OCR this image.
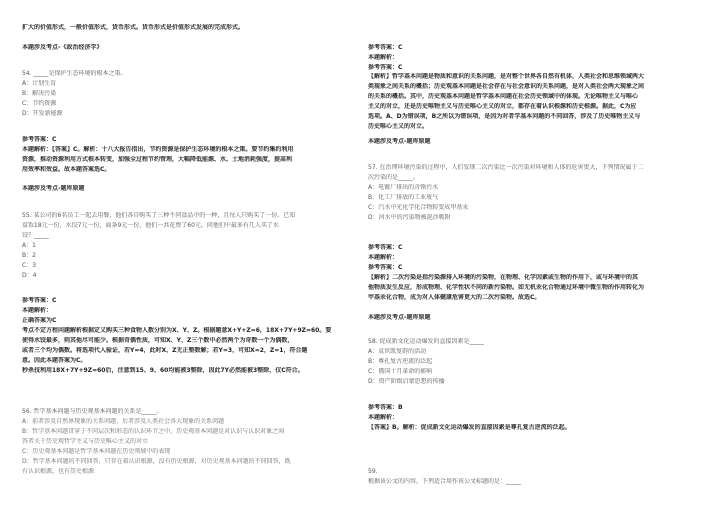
扩大的价值形式，一般价值形式，货币形式。货币形式是价值形式发展的完成形式。
本题涉及考点-《政治经济学》
54. _____是保护生态环境的根本之策。
A：计划生育
B：解决污染
C：节约资源
D：开发新能源
参考答案：C
本题解析：【答案】C。解析：十八大报告指出，节约资源是保护生态环境的根本之策。要节约集约利用
资源，推动资源利用方式根本转变，加强全过程节约管理，大幅降低能源、水、土地消耗强度，提高利
用效率和效益。故本题答案选C。
本题涉及考点-题库原题
55. 某公司的6名员工一起去用餐，他们各自购买了三种不同食品中的一种，且每人只购买了一份。已知
盒饭18元一份，水饺7元一份，面条9元一份，他们一共花费了60元。问他们中最多有几人买了水
饺？_____
A：1
B：2
C：3
D：4
参考答案：C
本题解析：
正确答案为C
考点不定方程问题解析根据定义购买三种食物人数分别为X、Y、Z。根据题意X+Y+Z=6，18X+7Y+9Z=60。要
使得水饺最多，则其他尽可能少。根据奇偶性质，可知X、Y、Z三个数中必然两个为奇数一个为偶数，
或者三个均为偶数。将选项代入验证，若Y=4，此时X、Z无正整数解；若Y=3，可知X=2，Z=1，符合题
意。因此本题答案为C。
秒杀技利用18X+7Y+9Z=60后，注意到15、9、60均能被3整除，因此7Y必然能被3整除，仅C符合。
56. 哲学基本问题与历史观基本问题的关系是_____。
A：前者涉及自然界现象的关系问题，后者涉及人类社会各大现象的关系问题
B：哲学基本问题贯穿于不同层次和形态的认识环节之中，历史观基本问题是对认识与认识对象之间
答者关于历史观哲学主义与历史唯心主义的对立
C：历史观基本问题是哲学基本问题在历史领域中的表现
D：哲学基本问题的不同回答，只存在着认识根源，没有历史根源，对历史观基本问题的不同回答，既
有认识根源，也有历史根源
参考答案：C
本题解析：
参考答案：C
【解析】哲学基本问题是物质和意识的关系问题，是对整个世界各自然有机体，人类社会和思维领域两大
类现象之间关系的概括；历史观基本问题是社会存在与社会意识的关系问题，是对人类社会两大现象之间
的关系的概括。其中，历史观基本问题是哲学基本问题在社会历史领域中的体现。无论唯物主义与唯心
主义的对立，还是历史唯物主义与历史唯心主义的对立，都存在着认识根源和历史根源。据此，C为应
选项。A、D为错误项，B之所以为错误项，是因为对者学基本问题的不同回答，涉及了历史唯物主义与
历史唯心主义的对立。
本题涉及考点-题库原题
57. 在治理环境污染的过程中，人们发现二次污染比一次污染对环境和人体的危害更大，下列情况属于二
次污染的是_____。
A：电镀厂排出的含铬污水
B：化工厂排放的工业废气
C：汽水中光化学化合物转变成甲基汞
D：河水中的污染物被泥沙吸附
参考答案：C
本题解析：
参考答案：C
【解析】二次污染是指污染源排入环境的污染物，在物理、化学因素或生物的作用下，或与环境中的其
他物质发生反应，形成物理、化学性状不同的新污染物。如无机汞化合物通过环境中微生物的作用转化为
甲基汞化合物，成为对人体健康危害更大的二次污染物。故选C。
本题涉及考点-题库原题
58. 促成新文化运动爆发的直接因素是_____
A：袁世凯复辟的活动
B：尊孔复古逆流的泛起
C：俄国十月革命的影响
D：资产阶级启蒙思想的传播
参考答案：B
本题解析：
【答案】B。解析：促成新文化运动爆发的直接因素是尊孔复古逆流的泛起。
59.
根据该公文的内容，下列适合用作该公文标题的是：_____
